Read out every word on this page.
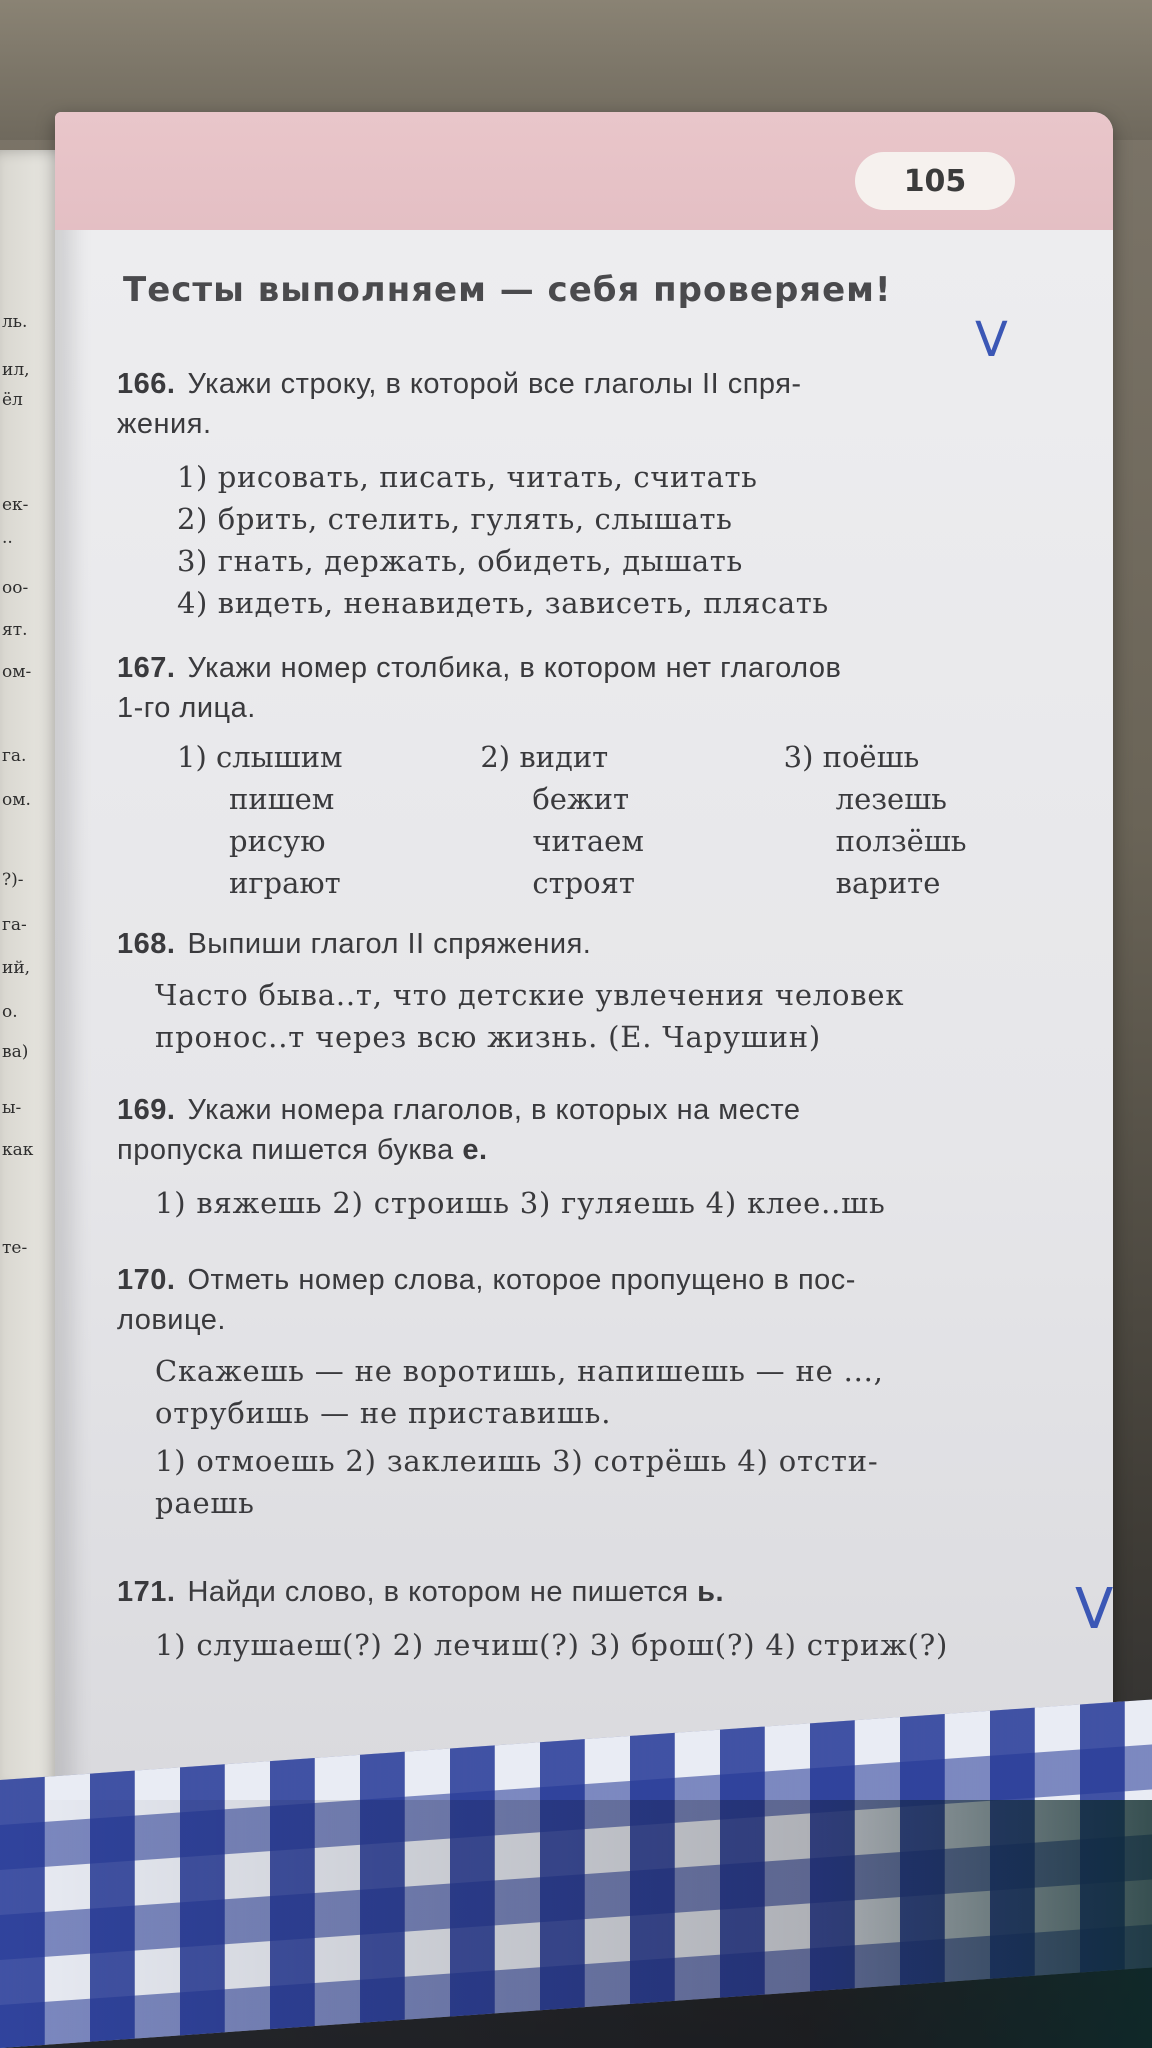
ль.
ил,
ёл
ек-
..
оо-
ят.
ом-
га.
ом.
?)-
га-
ий,
о.
ва)
ы-
как
те-
105
Тесты выполняем — себя проверяем!
V
166. Укажи строку, в которой все глаголы II спря-
жения.
1) рисовать, писать, читать, считать
2) брить, стелить, гулять, слышать
3) гнать, держать, обидеть, дышать
4) видеть, ненавидеть, зависеть, плясать
167. Укажи номер столбика, в котором нет глаголов
1-го лица.
1) слышим
пишем
рисую
играют
2) видит
бежит
читаем
строят
3) поёшь
лезешь
ползёшь
варите
168. Выпиши глагол II спряжения.
Часто быва..т, что детские увлечения человек
пронос..т через всю жизнь. (Е. Чарушин)
169. Укажи номера глаголов, в которых на месте
пропуска пишется буква е.
1) вяжешь 2) строишь 3) гуляешь 4) клее..шь
170. Отметь номер слова, которое пропущено в пос-
ловице.
Скажешь — не воротишь, напишешь — не ...,
отрубишь — не приставишь.
1) отмоешь 2) заклеишь 3) сотрёшь 4) отсти-
раешь
171. Найди слово, в котором не пишется ь.
1) слушаеш(?) 2) лечиш(?) 3) брош(?) 4) стриж(?)
V
